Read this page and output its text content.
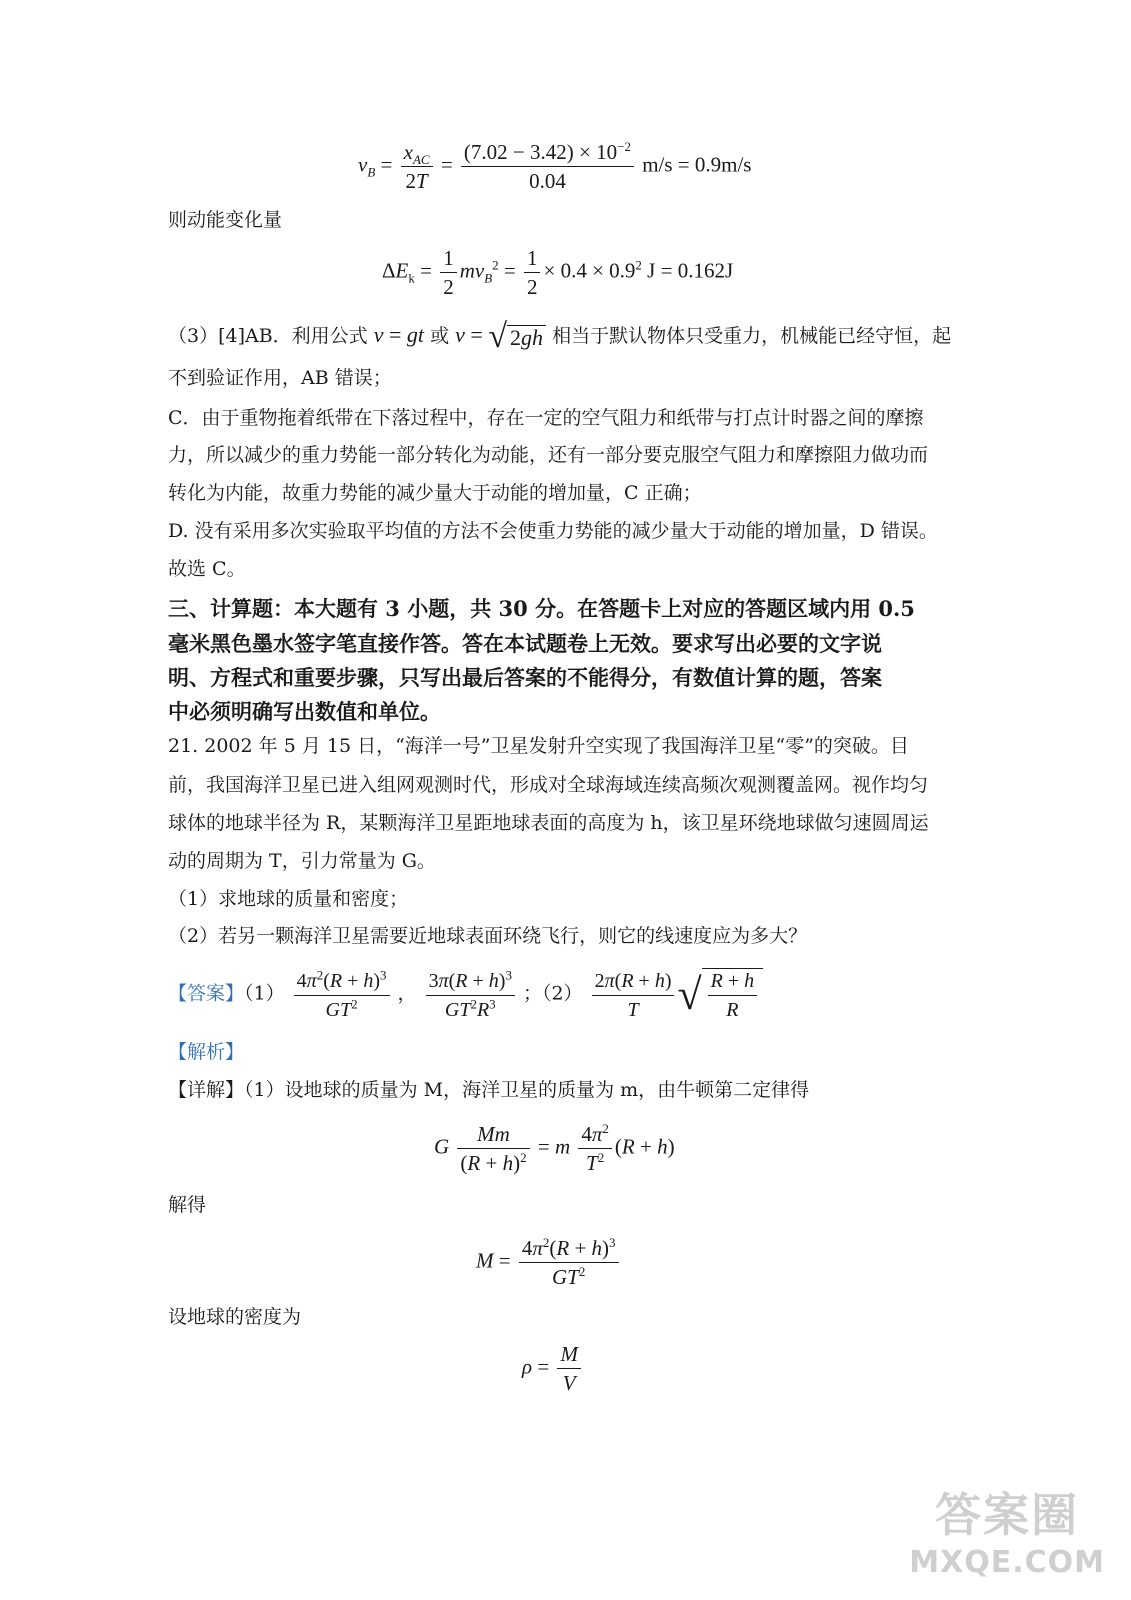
$v_B = \frac{x_{AC}}{2T} = \frac{(7.02 - 3.42) \times 10^{-2}}{0.04} m/s = 0.9m/s$
则动能变化量
$\Delta E_k = \frac{1}{2} mv_B^2 = \frac{1}{2} \times 0.4 \times 0.9^2$ J = 0.162J
（3）[4]AB．利用公式 v = gt 或 v = √ 2gh 相当于默认物体只受重力，机械能已经守恒，起
不到验证作用，AB 错误；
C．由于重物拖着纸带在下落过程中，存在一定的空气阻力和纸带与打点计时器之间的摩擦
力，所以减少的重力势能一部分转化为动能，还有一部分要克服空气阻力和摩擦阻力做功而
转化为内能，故重力势能的减少量大于动能的增加量，C 正确；
D. 没有采用多次实验取平均值的方法不会使重力势能的减少量大于动能的增加量，D 错误。
故选 C。
三、计算题：本大题有 3 小题，共 30 分。在答题卡上对应的答题区域内用 0.5
毫米黑色墨水签字笔直接作答。答在本试题卷上无效。要求写出必要的文字说
明、方程式和重要步骤，只写出最后答案的不能得分，有数值计算的题，答案
中必须明确写出数值和单位。
21. 2002 年 5 月 15 日，“海洋一号”卫星发射升空实现了我国海洋卫星“零”的突破。目
前，我国海洋卫星已进入组网观测时代，形成对全球海域连续高频次观测覆盖网。视作均匀
球体的地球半径为 R，某颗海洋卫星距地球表面的高度为 h，该卫星环绕地球做匀速圆周运
动的周期为 T，引力常量为 G。
（1）求地球的质量和密度；
（2）若另一颗海洋卫星需要近地球表面环绕飞行，则它的线速度应为多大？
【答案】$(1) \frac{4\pi^2(R + h)^3}{GT^2}$ ， $\frac{3\pi(R + h)^3}{GT^2R^3}$ ；$(2) \frac{2\pi(R + h)}{T}$ √ $\frac{R + h}{R}$
【解析】
【详解】（1）设地球的质量为 M，海洋卫星的质量为 m，由牛顿第二定律得
G $\frac{Mm}{(R + h)^2} = m \frac{4\pi^2}{T^2} (R + h)$
解得
$M = \frac{4\pi^2(R + h)^3}{GT^2}$
设地球的密度为
$\rho = \frac{M}{V}$
答案圈
MXQE.COM
